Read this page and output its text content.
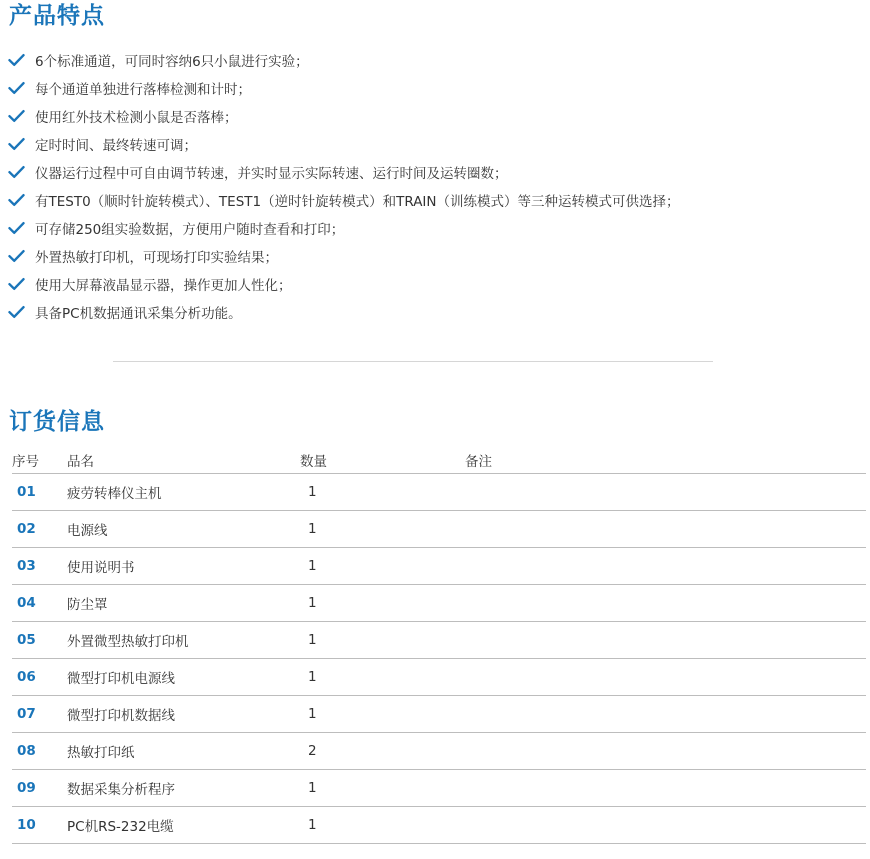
产品特点
6个标准通道，可同时容纳6只小鼠进行实验；
每个通道单独进行落棒检测和计时；
使用红外技术检测小鼠是否落棒；
定时时间、最终转速可调；
仪器运行过程中可自由调节转速，并实时显示实际转速、运行时间及运转圈数；
有TEST0（顺时针旋转模式）、TEST1（逆时针旋转模式）和TRAIN（训练模式）等三种运转模式可供选择；
可存储250组实验数据，方便用户随时查看和打印；
外置热敏打印机，可现场打印实验结果；
使用大屏幕液晶显示器，操作更加人性化；
具备PC机数据通讯采集分析功能。
订货信息
序号 品名	数量	备注
01 疲劳转棒仪主机	1
02 电源线	1
03 使用说明书	1
04 防尘罩	1
05 外置微型热敏打印机	1
06 微型打印机电源线	1
07 微型打印机数据线	1
08 热敏打印纸	2
09 数据采集分析程序	1
10 PC机RS-232电缆	1
